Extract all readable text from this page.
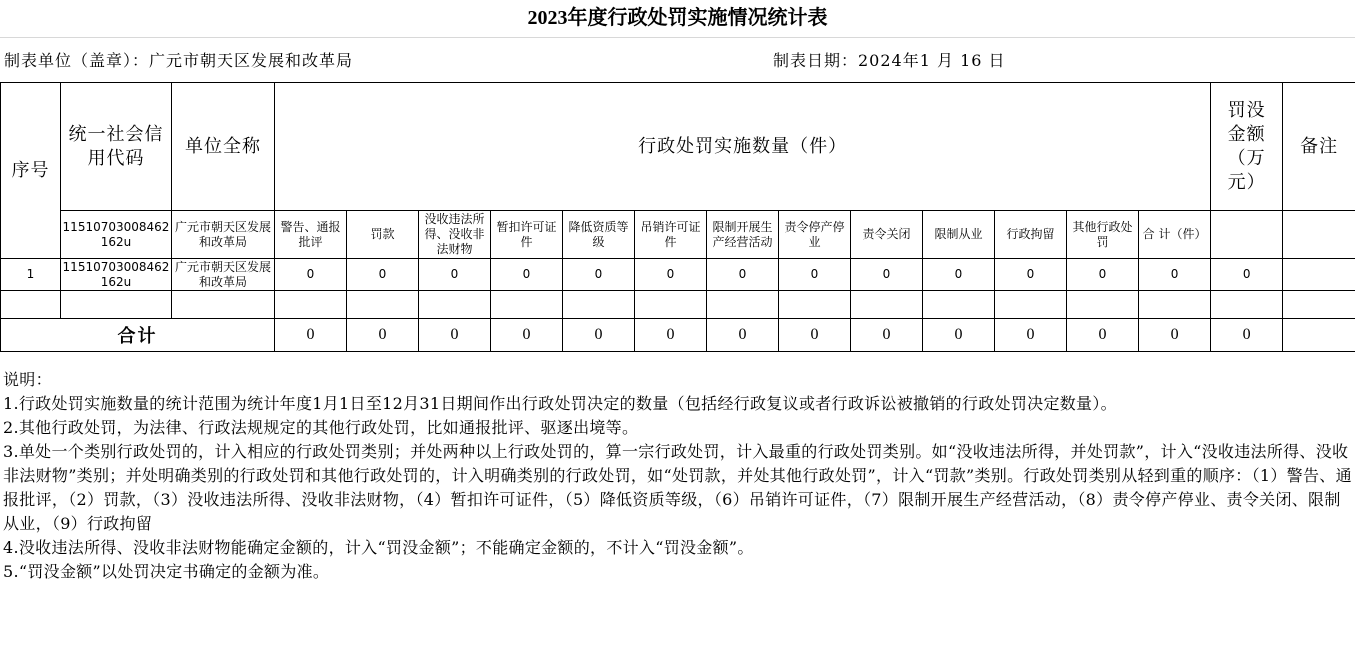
2023年度行政处罚实施情况统计表
制表单位（盖章）：广元市朝天区发展和改革局	制表日期：2024年1 月 16 日
序号	统一社会信用代码	单位全称	行政处罚实施数量（件）													罚没金额（万元）	备注
	11510703008462162u	广元市朝天区发展和改革局	警告、通报批评	罚款	没收违法所得、没收非法财物	暂扣许可证件	降低资质等级	吊销许可证件	限制开展生产经营活动	责令停产停业	责令关闭	限制从业	行政拘留	其他行政处罚	合 计（件）		
1	11510703008462162u	广元市朝天区发展和改革局	0	0	0	0	0	0	0	0	0	0	0	0	0	0	

合计			0	0	0	0	0	0	0	0	0	0	0	0	0	0	
说明：
1.行政处罚实施数量的统计范围为统计年度1月1日至12月31日期间作出行政处罚决定的数量（包括经行政复议或者行政诉讼被撤销的行政处罚决定数量）。
2.其他行政处罚，为法律、行政法规规定的其他行政处罚，比如通报批评、驱逐出境等。
3.单处一个类别行政处罚的，计入相应的行政处罚类别；并处两种以上行政处罚的，算一宗行政处罚，计入最重的行政处罚类别。如“没收违法所得，并处罚款”，计入“没收违法所得、没收非法财物”类别；并处明确类别的行政处罚和其他行政处罚的，计入明确类别的行政处罚，如“处罚款，并处其他行政处罚”，计入“罚款”类别。行政处罚类别从轻到重的顺序：（1）警告、通报批评，（2）罚款，（3）没收违法所得、没收非法财物，（4）暂扣许可证件，（5）降低资质等级，（6）吊销许可证件，（7）限制开展生产经营活动，（8）责令停产停业、责令关闭、限制从业，（9）行政拘留
4.没收违法所得、没收非法财物能确定金额的，计入“罚没金额”；不能确定金额的，不计入“罚没金额”。
5.“罚没金额”以处罚决定书确定的金额为准。
